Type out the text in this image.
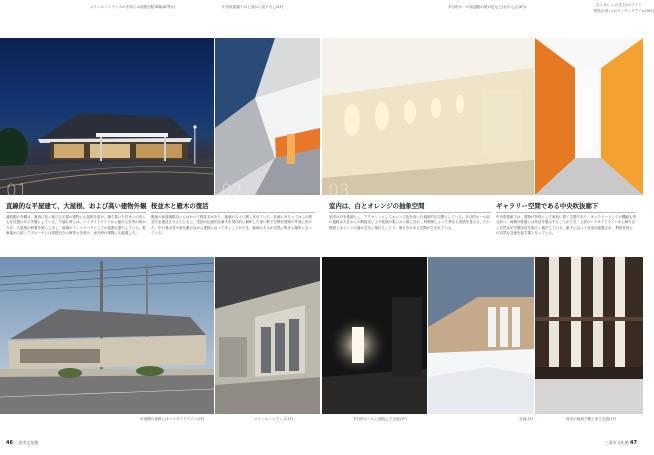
メインエントランスの手前には屋根付駐車場(車寄せ)	中央吹抜廊下の上部から見下ろし(4F)	多目的ホール前通路の壁の色など(変わる会(3F))	白とオレンジ(左右)ホワイト
野性の食いは(ランチングアイル(3F))
01	02	03
直線的な平屋建て、大屋根、および高い建物外観 桜並木と雁木の復活	室内は、白とオレンジの抽象空間	ギャラリー空間である中央吹抜廊下
道路側の外観は、東西に長く伸びる平屋の建物に大屋根を架け、落ち着いた佇まいの中にも存在感のある外観としている。夕暮れ時には、ハイサイドライトから漏れる室内の明かりが、大屋根の軒裏を照らし出し、地域のランドマークとしての役割も果たしている。駐車場から続くアプローチには屋根付きの車寄せを設け、雨天時の乗降にも配慮した。
敷地の前面道路沿いにはかつて桜並木があり、地域の人々に親しまれていた。計画にあたってはこの桜並木を復活させるとともに、雪国の伝統的な雁木を現代的に解釈した深い軒下空間を建物の外周に設けた。歩行者は雪や雨を避けながら建物に沿って歩くことができ、地域の人々が自然に集まる場所となっている。
室内は白を基調とし、アクセントとしてオレンジ色を用いた抽象的な空間としている。多目的ホール前の通路は天井からの間接光により壁面が柔らかく照らされ、時間帯によって異なる表情を見せる。白い壁面とオレンジの面が交互に現れることで、奥行きのある空間が生まれている。
中央吹抜廊下は、建物の背骨として東西に貫く空間であり、ギャラリーとしての機能も併せ持つ。両側の壁面には作品を展示することができ、上部のハイサイドライトから降り注ぐ自然光が空間全体を明るく満たしている。廊下に沿って各室が配置され、利用者同士の自然な交流を促す場となっている。
市道側の道路にはハイサイドライト(2F)	メインエントランス(1F)	多目的ホールに連続した光庭(1F)	光庭(1F)	庭木の植栽子観と並る光庭(1F)
46 三条市文化館	三条市文化館 47
